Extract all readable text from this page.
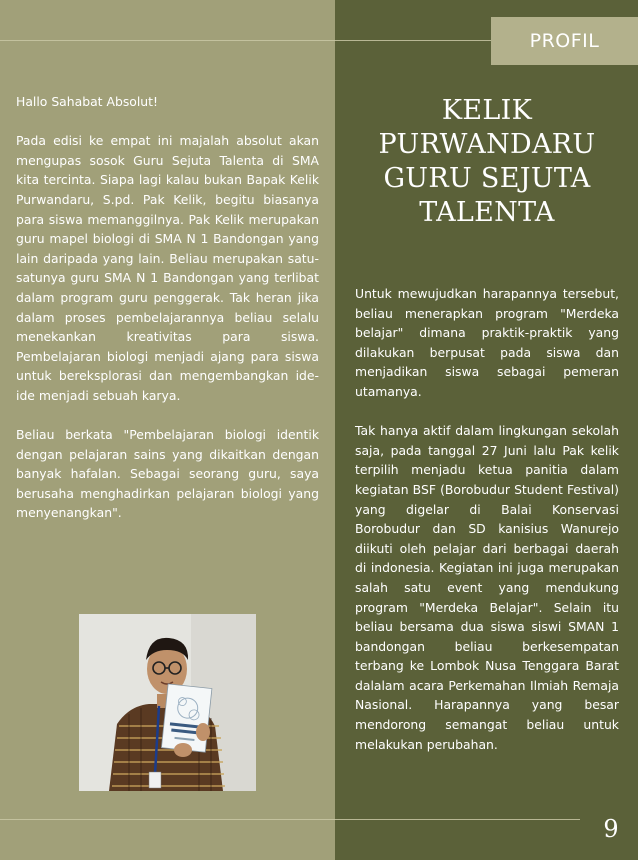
PROFIL

Hallo Sahabat Absolut!

Pada edisi ke empat ini majalah absolut akan mengupas sosok Guru Sejuta Talenta di SMA kita tercinta. Siapa lagi kalau bukan Bapak Kelik Purwandaru, S.pd. Pak Kelik, begitu biasanya para siswa memanggilnya. Pak Kelik merupakan guru mapel biologi di SMA N 1 Bandongan yang lain daripada yang lain. Beliau merupakan satu-satunya guru SMA N 1 Bandongan yang terlibat dalam program guru penggerak. Tak heran jika dalam proses pembelajarannya beliau selalu menekankan kreativitas para siswa. Pembelajaran biologi menjadi ajang para siswa untuk bereksplorasi dan mengembangkan ide-ide menjadi sebuah karya.

Beliau berkata "Pembelajaran biologi identik dengan pelajaran sains yang dikaitkan dengan banyak hafalan. Sebagai seorang guru, saya berusaha menghadirkan pelajaran biologi yang menyenangkan".

KELIK
PURWANDARU
GURU SEJUTA
TALENTA

Untuk mewujudkan harapannya tersebut, beliau menerapkan program "Merdeka belajar" dimana praktik-praktik yang dilakukan berpusat pada siswa dan menjadikan siswa sebagai pemeran utamanya.

Tak hanya aktif dalam lingkungan sekolah saja, pada tanggal 27 Juni lalu Pak kelik terpilih menjadu ketua panitia dalam kegiatan BSF (Borobudur Student Festival) yang digelar di Balai Konservasi Borobudur dan SD kanisius Wanurejo diikuti oleh pelajar dari berbagai daerah di indonesia. Kegiatan ini juga merupakan salah satu event yang mendukung program "Merdeka Belajar". Selain itu beliau bersama dua siswa siswi SMAN 1 bandongan beliau berkesempatan terbang ke Lombok Nusa Tenggara Barat dalalam acara Perkemahan Ilmiah Remaja Nasional. Harapannya yang besar mendorong semangat beliau untuk melakukan perubahan.

9
